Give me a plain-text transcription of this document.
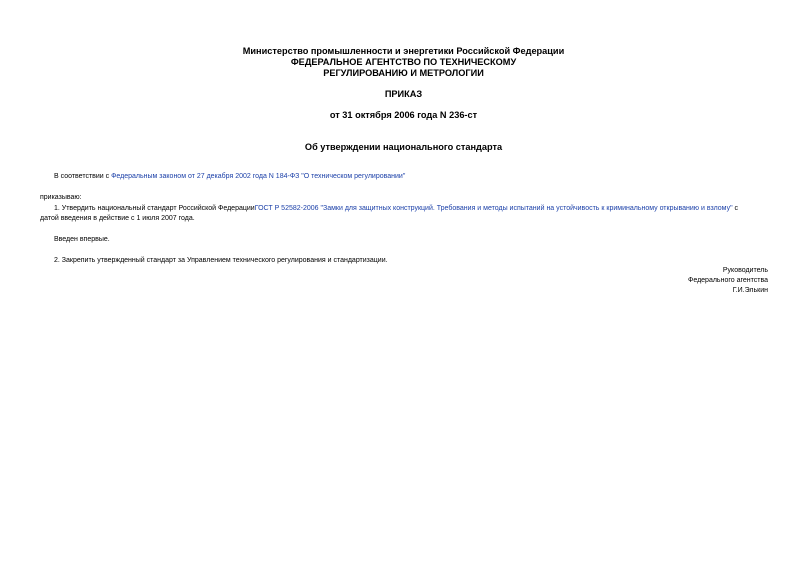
Министерство промышленности и энергетики Российской Федерации
ФЕДЕРАЛЬНОЕ АГЕНТСТВО ПО ТЕХНИЧЕСКОМУ
РЕГУЛИРОВАНИЮ И МЕТРОЛОГИИ
ПРИКАЗ
от 31 октября 2006 года N 236-ст
Об утверждении национального стандарта
В соответствии с Федеральным законом от 27 декабря 2002 года N 184-ФЗ "О техническом регулировании"
приказываю:
1. Утвердить национальный стандарт Российской ФедерацииГОСТ Р 52582-2006 "Замки для защитных конструкций. Требования и методы испытаний на устойчивость к криминальному открыванию и взлому" с
датой введения в действие с 1 июля 2007 года.
Введен впервые.
2. Закрепить утвержденный стандарт за Управлением технического регулирования и стандартизации.
Руководитель
Федерального агентства
Г.И.Элькин
